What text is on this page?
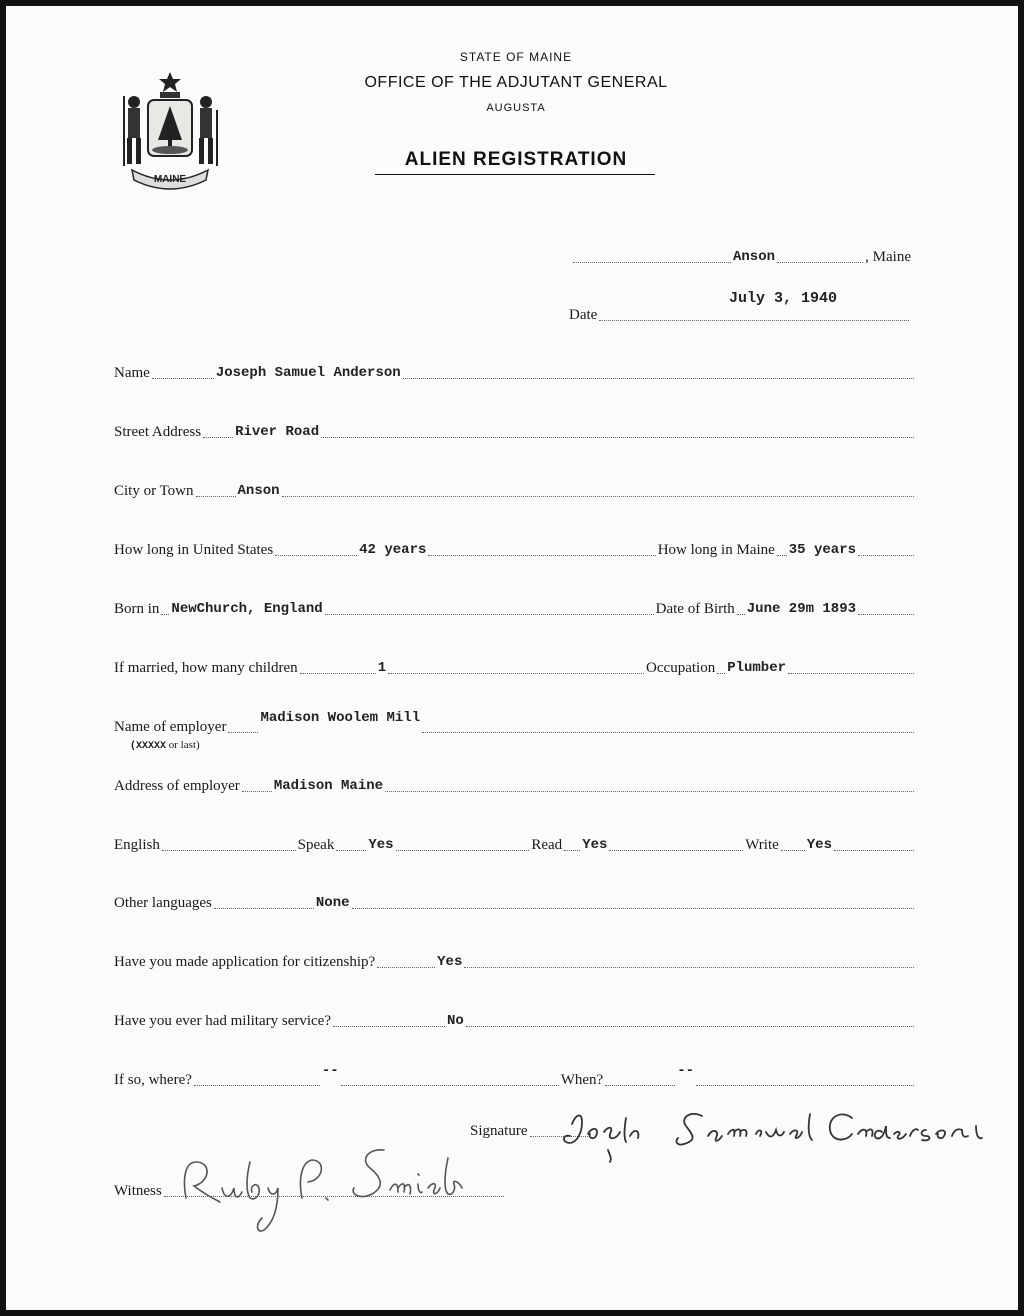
MAINE
STATE OF MAINE
OFFICE OF THE ADJUTANT GENERAL
AUGUSTA
ALIEN REGISTRATION
Anson	, Maine
Date
July 3, 1940
Name	Joseph Samuel Anderson
Street Address River Road
City or Town	Anson
How long in United States	42 years	How long in Maine 35 years
Born in NewChurch, England	Date of Birth June 29m 1893
If married, how many children	1	Occupation Plumber
Name of employer
Madison Woolem Mill
(XXXXX or last)
Address of employer Madison Maine
English	Speak Yes	Read Yes	Write Yes
Other languages	None
Have you made application for citizenship?	Yes
Have you ever had military service?	No
If so, where?
--
When?
--
Signature
Witness
